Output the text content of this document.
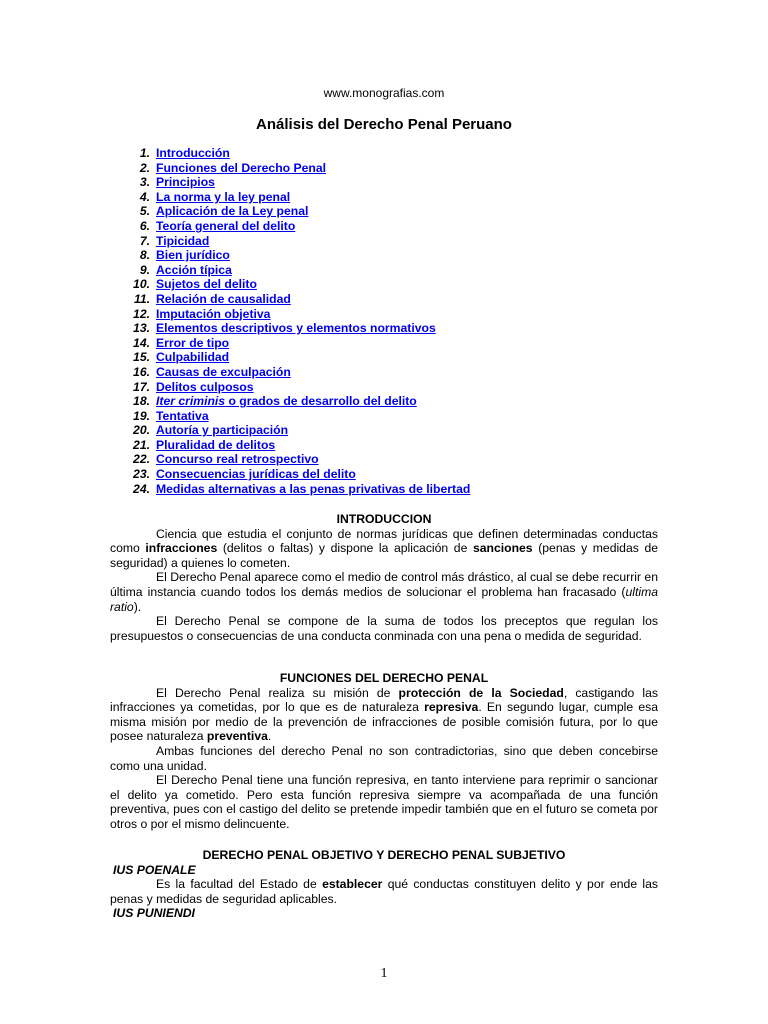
www.monografias.com
Análisis del Derecho Penal Peruano
1. Introducción
2. Funciones del Derecho Penal
3. Principios
4. La norma y la ley penal
5. Aplicación de la Ley penal
6. Teoría general del delito
7. Tipicidad
8. Bien jurídico
9. Acción típica
10. Sujetos del delito
11. Relación de causalidad
12. Imputación objetiva
13. Elementos descriptivos y elementos normativos
14. Error de tipo
15. Culpabilidad
16. Causas de exculpación
17. Delitos culposos
18. Iter criminis o grados de desarrollo del delito
19. Tentativa
20. Autoría y participación
21. Pluralidad de delitos
22. Concurso real retrospectivo
23. Consecuencias jurídicas del delito
24. Medidas alternativas a las penas privativas de libertad
INTRODUCCION

Ciencia que estudia el conjunto de normas jurídicas que definen determinadas conductas como infracciones (delitos o faltas) y dispone la aplicación de sanciones (penas y medidas de seguridad) a quienes lo cometen.

El Derecho Penal aparece como el medio de control más drástico, al cual se debe recurrir en última instancia cuando todos los demás medios de solucionar el problema han fracasado (ultima ratio).

El Derecho Penal se compone de la suma de todos los preceptos que regulan los presupuestos o consecuencias de una conducta conminada con una pena o medida de seguridad.

FUNCIONES DEL DERECHO PENAL

El Derecho Penal realiza su misión de protección de la Sociedad, castigando las infracciones ya cometidas, por lo que es de naturaleza represiva. En segundo lugar, cumple esa misma misión por medio de la prevención de infracciones de posible comisión futura, por lo que posee naturaleza preventiva.

Ambas funciones del derecho Penal no son contradictorias, sino que deben concebirse como una unidad.

El Derecho Penal tiene una función represiva, en tanto interviene para reprimir o sancionar el delito ya cometido. Pero esta función represiva siempre va acompañada de una función preventiva, pues con el castigo del delito se pretende impedir también que en el futuro se cometa por otros o por el mismo delincuente.

DERECHO PENAL OBJETIVO Y DERECHO PENAL SUBJETIVO
IUS POENALE

Es la facultad del Estado de establecer qué conductas constituyen delito y por ende las penas y medidas de seguridad aplicables.

IUS PUNIENDI
1
